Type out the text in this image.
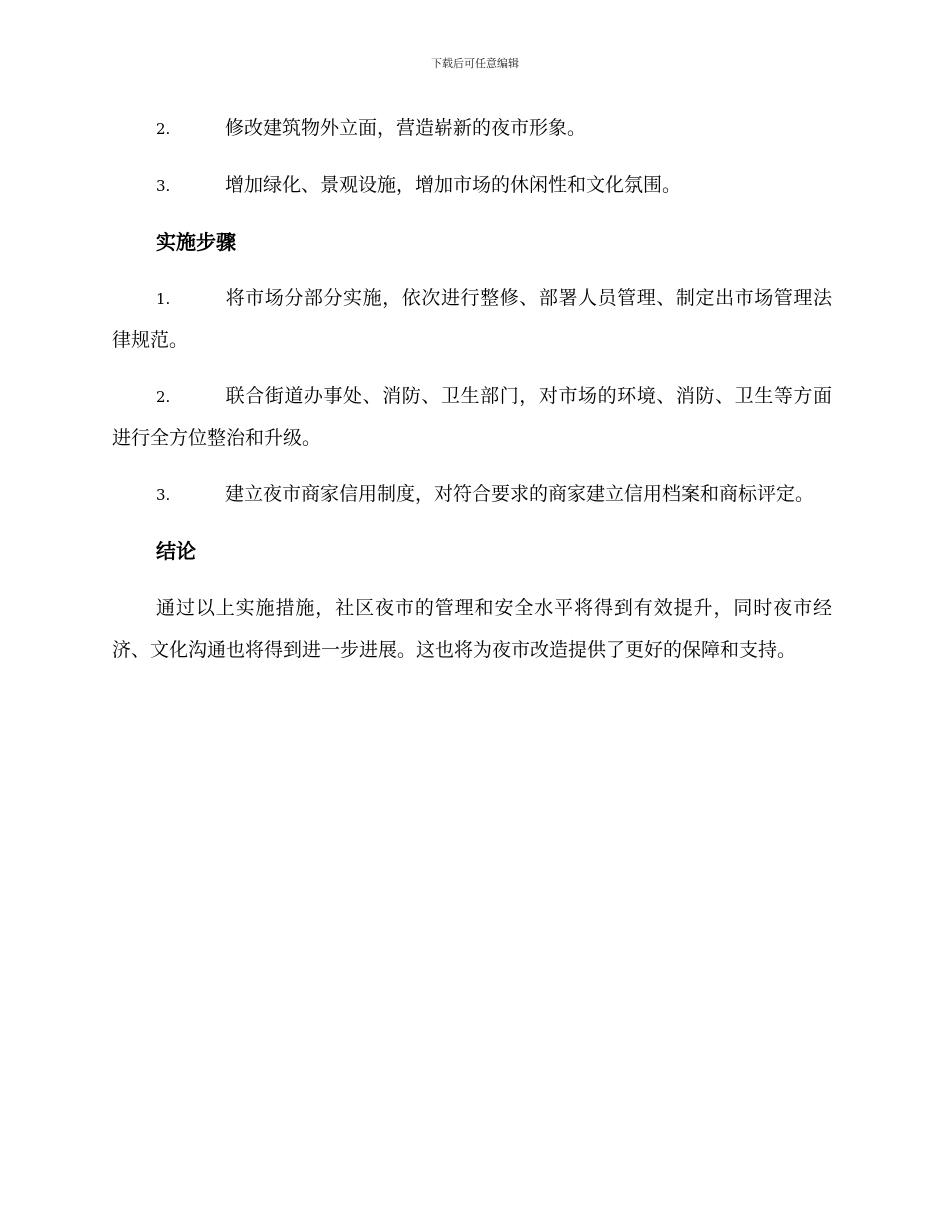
下载后可任意编辑

2.	修改建筑物外立面，营造崭新的夜市形象。

3.	增加绿化、景观设施，增加市场的休闲性和文化氛围。

实施步骤

1.	将市场分部分实施，依次进行整修、部署人员管理、制定出市场管理法律规范。

2.	联合街道办事处、消防、卫生部门，对市场的环境、消防、卫生等方面进行全方位整治和升级。

3.	建立夜市商家信用制度，对符合要求的商家建立信用档案和商标评定。

结论

通过以上实施措施，社区夜市的管理和安全水平将得到有效提升，同时夜市经济、文化沟通也将得到进一步进展。这也将为夜市改造提供了更好的保障和支持。
